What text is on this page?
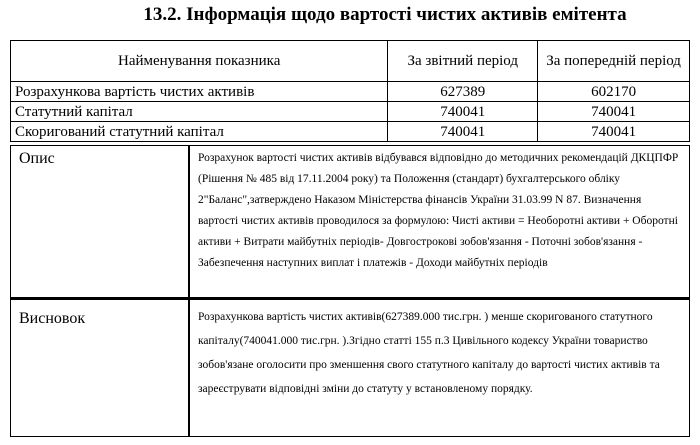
13.2. Інформація щодо вартості чистих активів емітента
Найменування показника	За звітний період	За попередній період
Розрахункова вартість чистих активів	627389	602170
Статутний капітал	740041	740041
Скоригований статутний капітал	740041	740041
Опис	Розрахунок вартості чистих активів відбувався відповідно до методичних рекомендацій ДКЦПФР (Рішення № 485 від 17.11.2004 року) та Положення (стандарт) бухгалтерського обліку 2"Баланс",затверждено Наказом Міністерства фінансів України 31.03.99 N 87. Визначення вартості чистих активів проводилося за формулою: Чисті активи = Необоротні активи + Оборотні активи + Витрати майбутніх періодів- Довгострокові зобов'язання - Поточні зобов'язання - Забезпечення наступних виплат і платежів - Доходи майбутніх періодів
Висновок	Розрахункова вартість чистих активів(627389.000 тис.грн. ) менше скоригованого статутного капіталу(740041.000 тис.грн. ).Згідно статті 155 п.3 Цивільного кодексу України товариство зобов'язане оголосити про зменшення свого статутного капіталу до вартості чистих активів та зареєструвати відповідні зміни до статуту у встановленому порядку.
